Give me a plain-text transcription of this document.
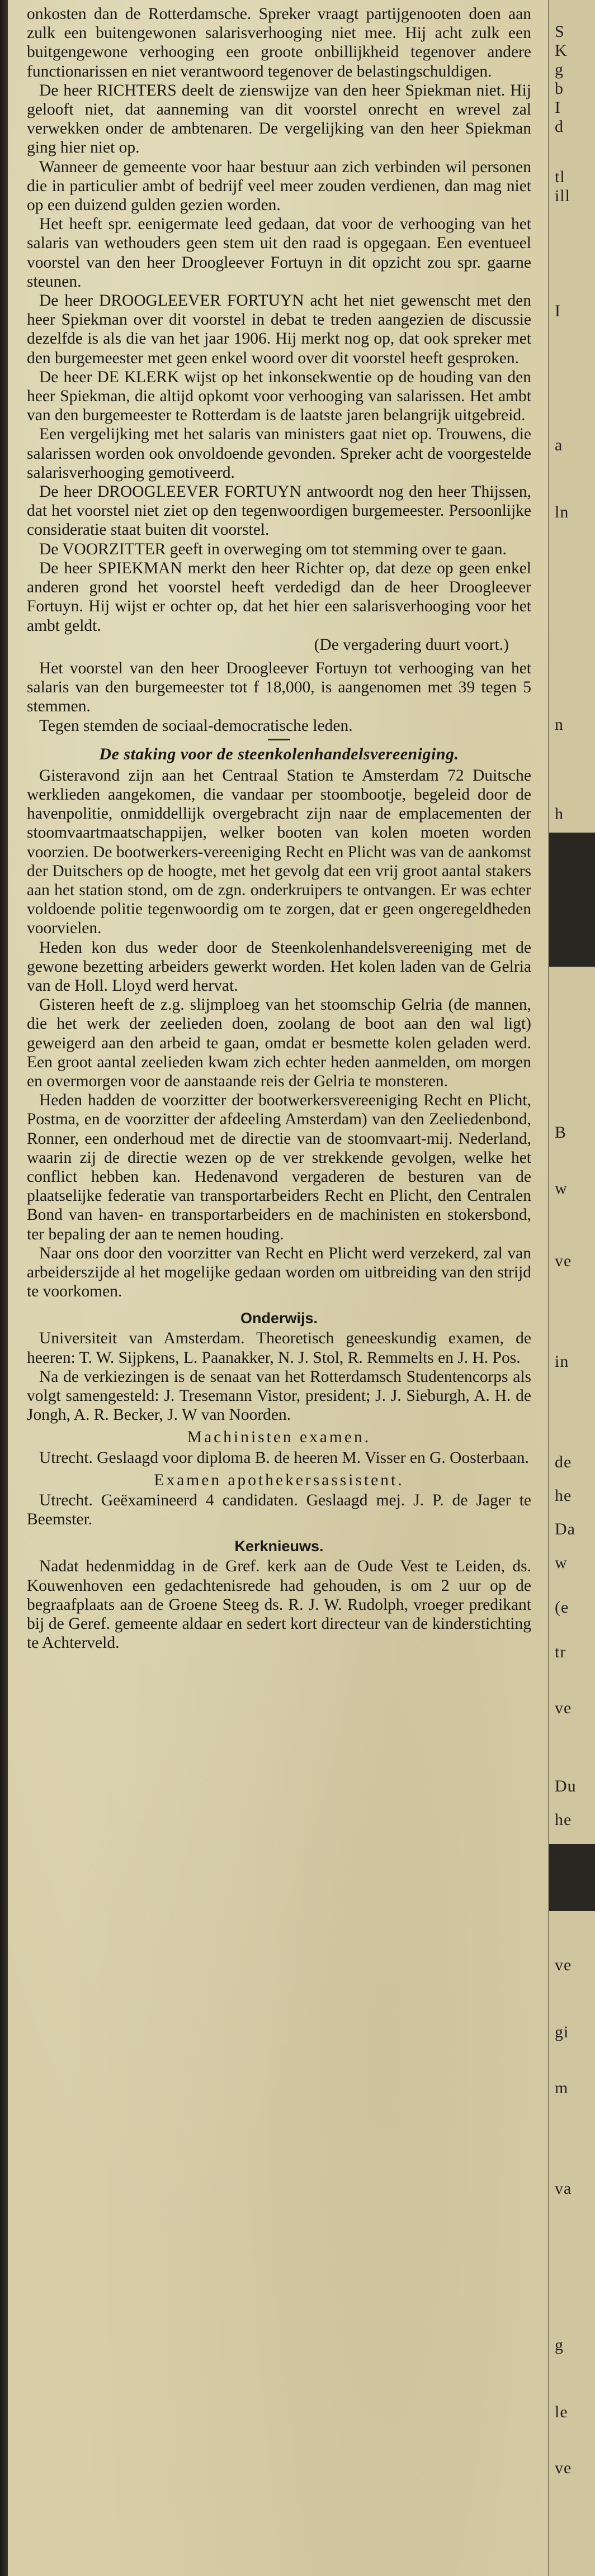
onkosten dan de Rotterdamsche. Spreker vraagt partijgenooten doen aan zulk een buitengewonen salarisverhooging niet mee. Hij acht zulk een buitgengewone verhooging een groote onbillijkheid tegenover andere functionarissen en niet verantwoord tegenover de belastingschuldigen.

De heer RICHTERS deelt de zienswijze van den heer Spiekman niet. Hij gelooft niet, dat aanneming van dit voorstel onrecht en wrevel zal verwekken onder de ambtenaren. De vergelijking van den heer Spiekman ging hier niet op.

Wanneer de gemeente voor haar bestuur aan zich verbinden wil personen die in particulier ambt of bedrijf veel meer zouden verdienen, dan mag niet op een duizend gulden gezien worden.

Het heeft spr. eenigermate leed gedaan, dat voor de verhooging van het salaris van wethouders geen stem uit den raad is opgegaan. Een eventueel voorstel van den heer Droogleever Fortuyn in dit opzicht zou spr. gaarne steunen.

De heer DROOGLEEVER FORTUYN acht het niet gewenscht met den heer Spiekman over dit voorstel in debat te treden aangezien de discussie dezelfde is als die van het jaar 1906. Hij merkt nog op, dat ook spreker met den burgemeester met geen enkel woord over dit voorstel heeft gesproken.

De heer DE KLERK wijst op het inkonsekwentie op de houding van den heer Spiekman, die altijd opkomt voor verhooging van salarissen. Het ambt van den burgemeester te Rotterdam is de laatste jaren belangrijk uitgebreid.

Een vergelijking met het salaris van ministers gaat niet op. Trouwens, die salarissen worden ook onvoldoende gevonden. Spreker acht de voorgestelde salarisverhooging gemotiveerd.

De heer DROOGLEEVER FORTUYN antwoordt nog den heer Thijssen, dat het voorstel niet ziet op den tegenwoordigen burgemeester. Persoonlijke consideratie staat buiten dit voorstel.

De VOORZITTER geeft in overweging om tot stemming over te gaan.

De heer SPIEKMAN merkt den heer Richter op, dat deze op geen enkel anderen grond het voorstel heeft verdedigd dan de heer Droogleever Fortuyn. Hij wijst er ochter op, dat het hier een salarisverhooging voor het ambt geldt.

(De vergadering duurt voort.)

Het voorstel van den heer Droogleever Fortuyn tot verhooging van het salaris van den burgemeester tot f 18,000, is aangenomen met 39 tegen 5 stemmen.

Tegen stemden de sociaal-democratische leden.

De staking voor de steenkolenhandelsvereeniging.

Gisteravond zijn aan het Centraal Station te Amsterdam 72 Duitsche werklieden aangekomen, die vandaar per stoombootje, begeleid door de havenpolitie, onmiddellijk overgebracht zijn naar de emplacementen der stoomvaartmaatschappijen, welker booten van kolen moeten worden voorzien. De bootwerkers-vereeniging Recht en Plicht was van de aankomst der Duitschers op de hoogte, met het gevolg dat een vrij groot aantal stakers aan het station stond, om de zgn. onderkruipers te ontvangen. Er was echter voldoende politie tegenwoordig om te zorgen, dat er geen ongeregeldheden voorvielen.

Heden kon dus weder door de Steenkolenhandelsvereeniging met de gewone bezetting arbeiders gewerkt worden. Het kolen laden van de Gelria van de Holl. Lloyd werd hervat.

Gisteren heeft de z.g. slijmploeg van het stoomschip Gelria (de mannen, die het werk der zeelieden doen, zoolang de boot aan den wal ligt) geweigerd aan den arbeid te gaan, omdat er besmette kolen geladen werd. Een groot aantal zeelieden kwam zich echter heden aanmelden, om morgen en overmorgen voor de aanstaande reis der Gelria te monsteren.

Heden hadden de voorzitter der bootwerkersvereeniging Recht en Plicht, Postma, en de voorzitter der afdeeling Amsterdam) van den Zeeliedenbond, Ronner, een onderhoud met de directie van de stoomvaart-mij. Nederland, waarin zij de directie wezen op de ver strekkende gevolgen, welke het conflict hebben kan. Hedenavond vergaderen de besturen van de plaatselijke federatie van transportarbeiders Recht en Plicht, den Centralen Bond van haven- en transportarbeiders en de machinisten en stokersbond, ter bepaling der aan te nemen houding.

Naar ons door den voorzitter van Recht en Plicht werd verzekerd, zal van arbeiderszijde al het mogelijke gedaan worden om uitbreiding van den strijd te voorkomen.

Onderwijs.

Universiteit van Amsterdam. Theoretisch geneeskundig examen, de heeren: T. W. Sijpkens, L. Paanakker, N. J. Stol, R. Remmelts en J. H. Pos.

Na de verkiezingen is de senaat van het Rotterdamsch Studentencorps als volgt samengesteld: J. Tresemann Vistor, president; J. J. Sieburgh, A. H. de Jongh, A. R. Becker, J. W van Noorden.

Machinisten examen.

Utrecht. Geslaagd voor diploma B. de heeren M. Visser en G. Oosterbaan.

Examen apothekersassistent.

Utrecht. Geëxamineerd 4 candidaten. Geslaagd mej. J. P. de Jager te Beemster.

Kerknieuws.

Nadat hedenmiddag in de Gref. kerk aan de Oude Vest te Leiden, ds. Kouwenhoven een gedachtenisrede had gehouden, is om 2 uur op de begraafplaats aan de Groene Steeg ds. R. J. W. Rudolph, vroeger predikant bij de Geref. gemeente aldaar en sedert kort directeur van de kinderstichting te Achterveld.

S
K
g
b
I
d
tl
ill
I
a
ln
n
h
B
w
ve
in
de
he
Da
w
(e
tr
ve
Du
he
ve
gi
m
va
g
le
ve
